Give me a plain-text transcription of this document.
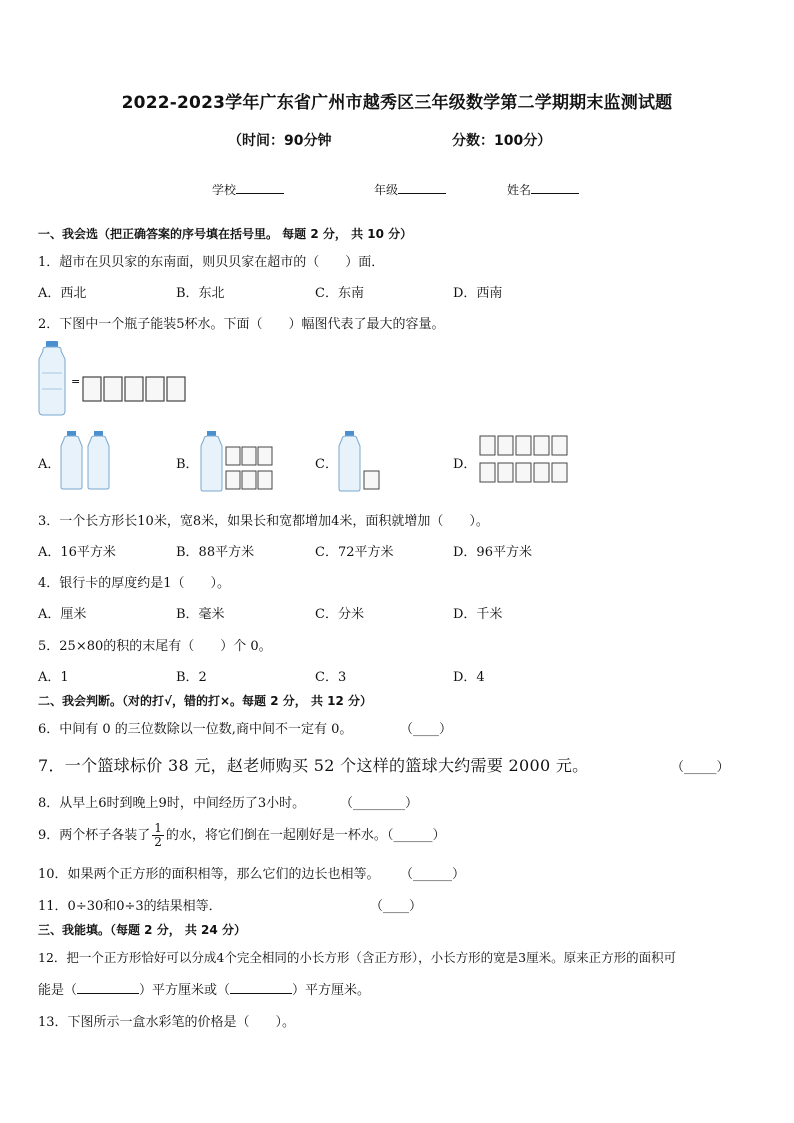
2022-2023学年广东省广州市越秀区三年级数学第二学期期末监测试题
（时间：90分钟	分数：100分）
学校	年级	姓名
一、我会选（把正确答案的序号填在括号里。 每题 2 分， 共 10 分）
1．超市在贝贝家的东南面，则贝贝家在超市的（　　）面．
A．西北	B．东北	C．东南	D．西南
2．下图中一个瓶子能装5杯水。下面（　　）幅图代表了最大的容量。
=
A．	B．	C．	D．
3．一个长方形长10米，宽8米，如果长和宽都增加4米，面积就增加（　　）。
A．16平方米	B．88平方米	C．72平方米	D．96平方米
4．银行卡的厚度约是1（　　）。
A．厘米	B．毫米	C．分米	D．千米
5．25×80的积的末尾有（　　）个 0。
A．1	B．2	C．3	D．4
二、我会判断。（对的打√，错的打×。每题 2 分， 共 12 分）
6．中间有 0 的三位数除以一位数,商中间不一定有 0。	（____）
7．一个篮球标价 38 元，赵老师购买 52 个这样的篮球大约需要 2000 元。	（_____）
8．从早上6时到晚上9时，中间经历了3小时。	（________）
9．两个杯子各装了 $\frac{1}{2}$ 的水，将它们倒在一起刚好是一杯水。（______）
10．如果两个正方形的面积相等，那么它们的边长也相等。 （______）
11．0÷30和0÷3的结果相等．	（____）
三、我能填。（每题 2 分， 共 24 分）
12．把一个正方形恰好可以分成4个完全相同的小长方形（含正方形），小长方形的宽是3厘米。原来正方形的面积可
能是（	）平方厘米或（	）平方厘米。
13．下图所示一盒水彩笔的价格是（　　）。
